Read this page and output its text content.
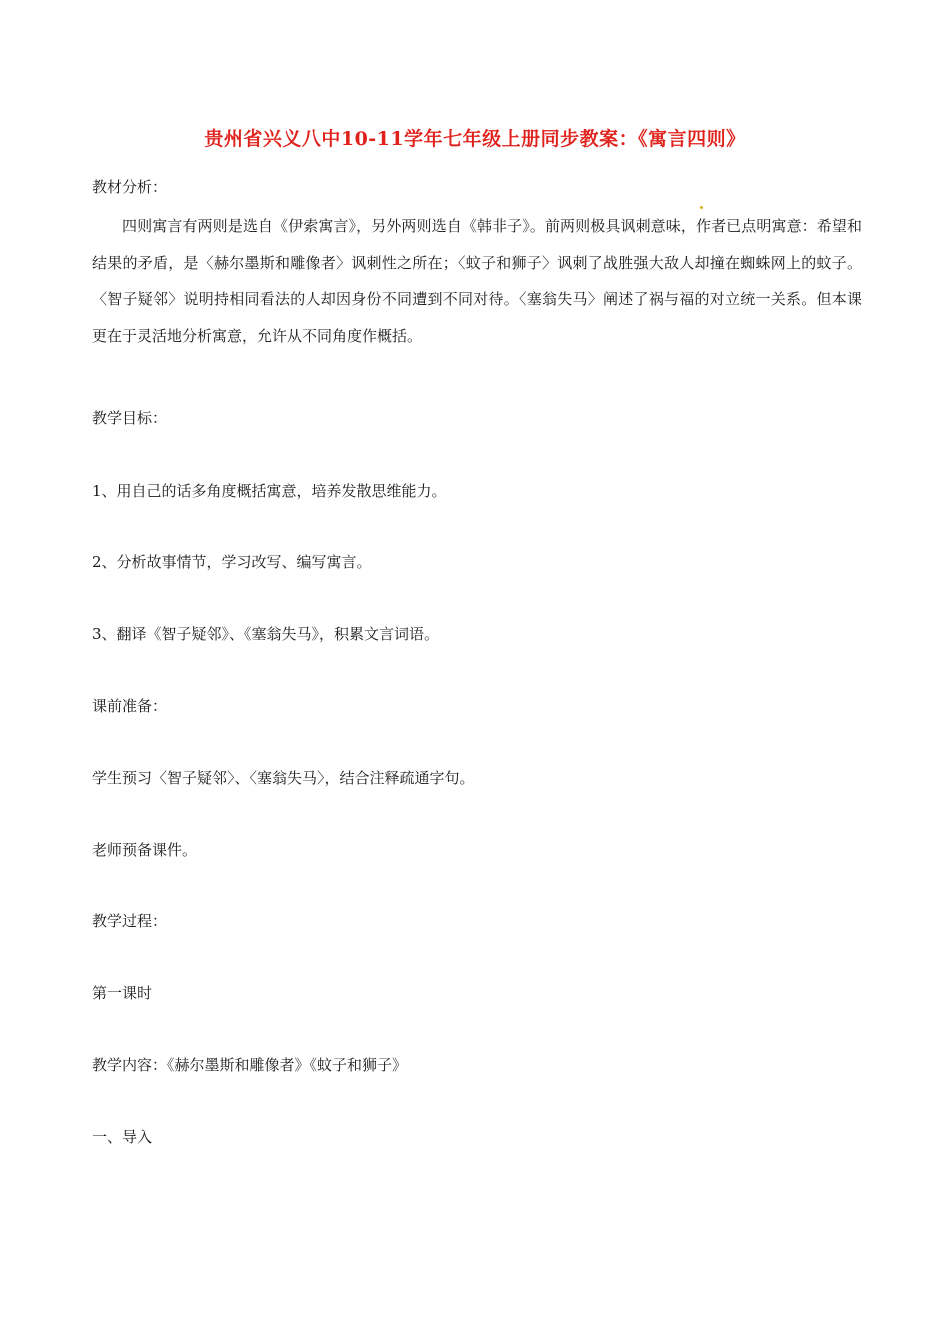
贵州省兴义八中10-11学年七年级上册同步教案：《寓言四则》
教材分析：
四则寓言有两则是选自《伊索寓言》，另外两则选自《韩非子》。前两则极具讽刺意味，作者已点明寓意：希望和结果的矛盾，是〈赫尔墨斯和雕像者〉讽刺性之所在；〈蚊子和狮子〉讽刺了战胜强大敌人却撞在蜘蛛网上的蚊子。〈智子疑邻〉说明持相同看法的人却因身份不同遭到不同对待。〈塞翁失马〉阐述了祸与福的对立统一关系。但本课更在于灵活地分析寓意，允许从不同角度作概括。
教学目标：
1、用自己的话多角度概括寓意，培养发散思维能力。
2、分析故事情节，学习改写、编写寓言。
3、翻译《智子疑邻》、《塞翁失马》，积累文言词语。
课前准备：
学生预习〈智子疑邻〉、〈塞翁失马〉，结合注释疏通字句。
老师预备课件。
教学过程：
第一课时
教学内容：《赫尔墨斯和雕像者》《蚊子和狮子》
一、导入
